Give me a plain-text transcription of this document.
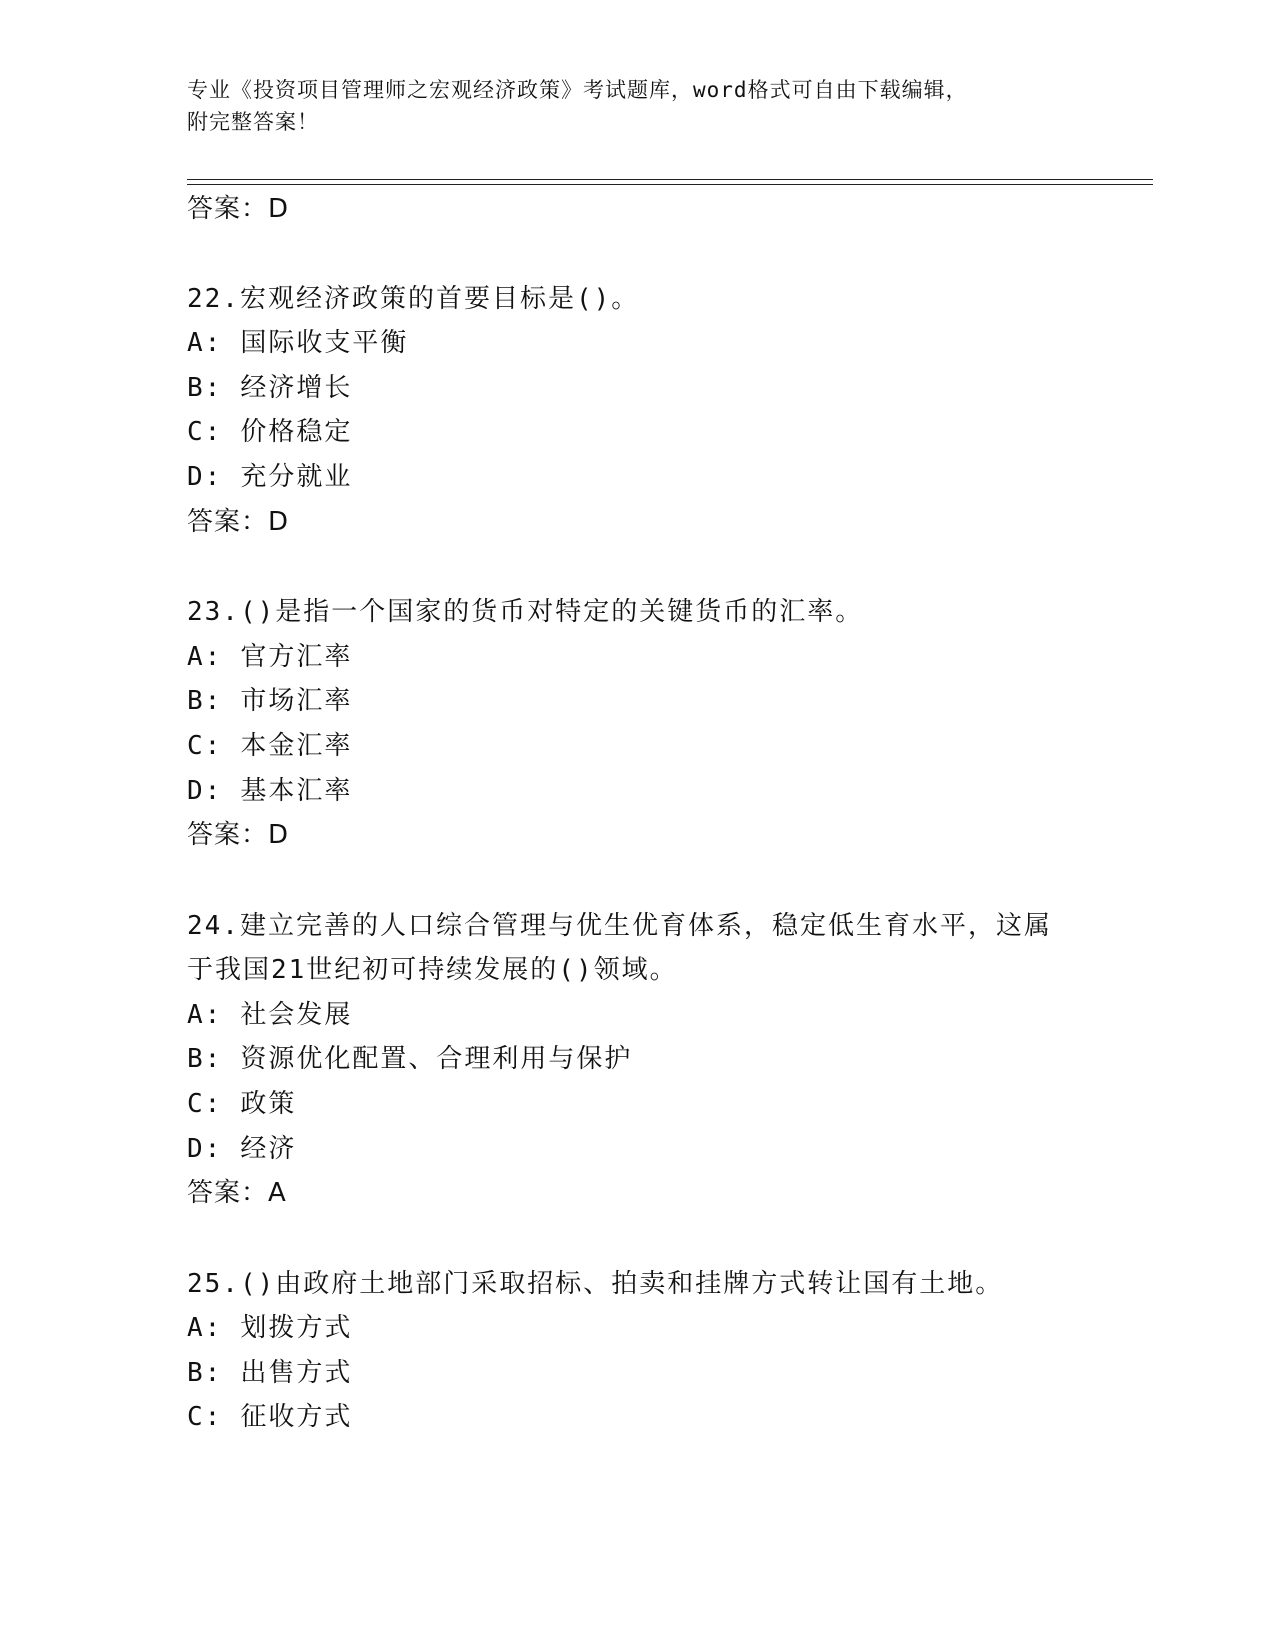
专业《投资项目管理师之宏观经济政策》考试题库，word格式可自由下载编辑，
附完整答案！
答案：D
22.宏观经济政策的首要目标是()。
A: 国际收支平衡
B: 经济增长
C: 价格稳定
D: 充分就业
答案：D
23.()是指一个国家的货币对特定的关键货币的汇率。
A: 官方汇率
B: 市场汇率
C: 本金汇率
D: 基本汇率
答案：D
24.建立完善的人口综合管理与优生优育体系，稳定低生育水平，这属
于我国21世纪初可持续发展的()领域。
A: 社会发展
B: 资源优化配置、合理利用与保护
C: 政策
D: 经济
答案：A
25.()由政府土地部门采取招标、拍卖和挂牌方式转让国有土地。
A: 划拨方式
B: 出售方式
C: 征收方式
